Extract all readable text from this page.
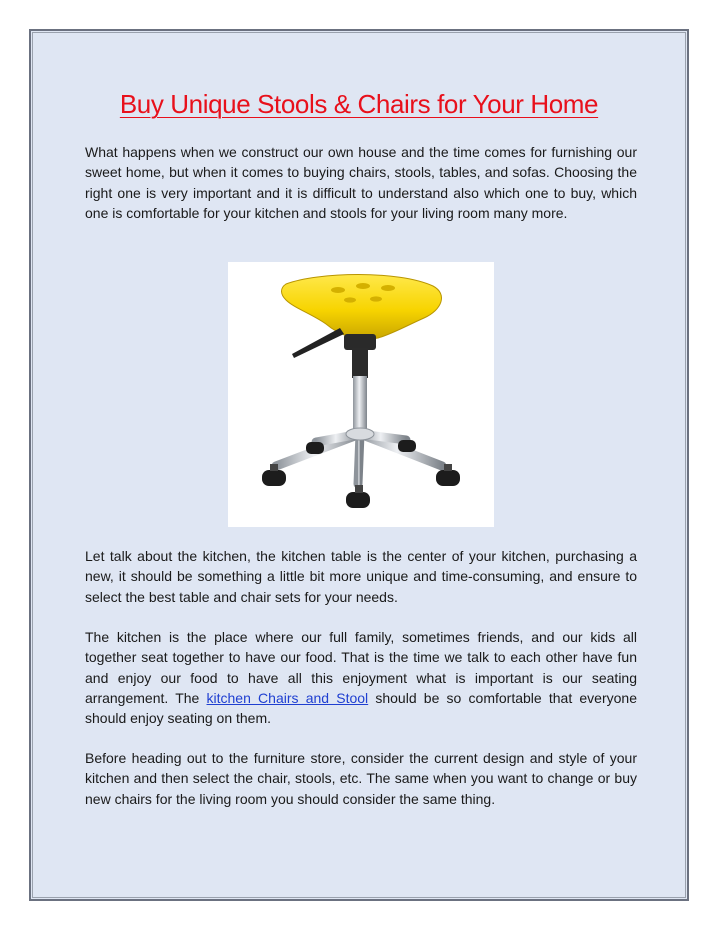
Buy Unique Stools & Chairs for Your Home

What happens when we construct our own house and the time comes for furnishing our sweet home, but when it comes to buying chairs, stools, tables, and sofas. Choosing the right one is very important and it is difficult to understand also which one to buy, which one is comfortable for your kitchen and stools for your living room many more.

Let talk about the kitchen, the kitchen table is the center of your kitchen, purchasing a new, it should be something a little bit more unique and time-consuming, and ensure to select the best table and chair sets for your needs.

The kitchen is the place where our full family, sometimes friends, and our kids all together seat together to have our food. That is the time we talk to each other have fun and enjoy our food to have all this enjoyment what is important is our seating arrangement. The kitchen Chairs and Stool should be so comfortable that everyone should enjoy seating on them.

Before heading out to the furniture store, consider the current design and style of your kitchen and then select the chair, stools, etc. The same when you want to change or buy new chairs for the living room you should consider the same thing.
